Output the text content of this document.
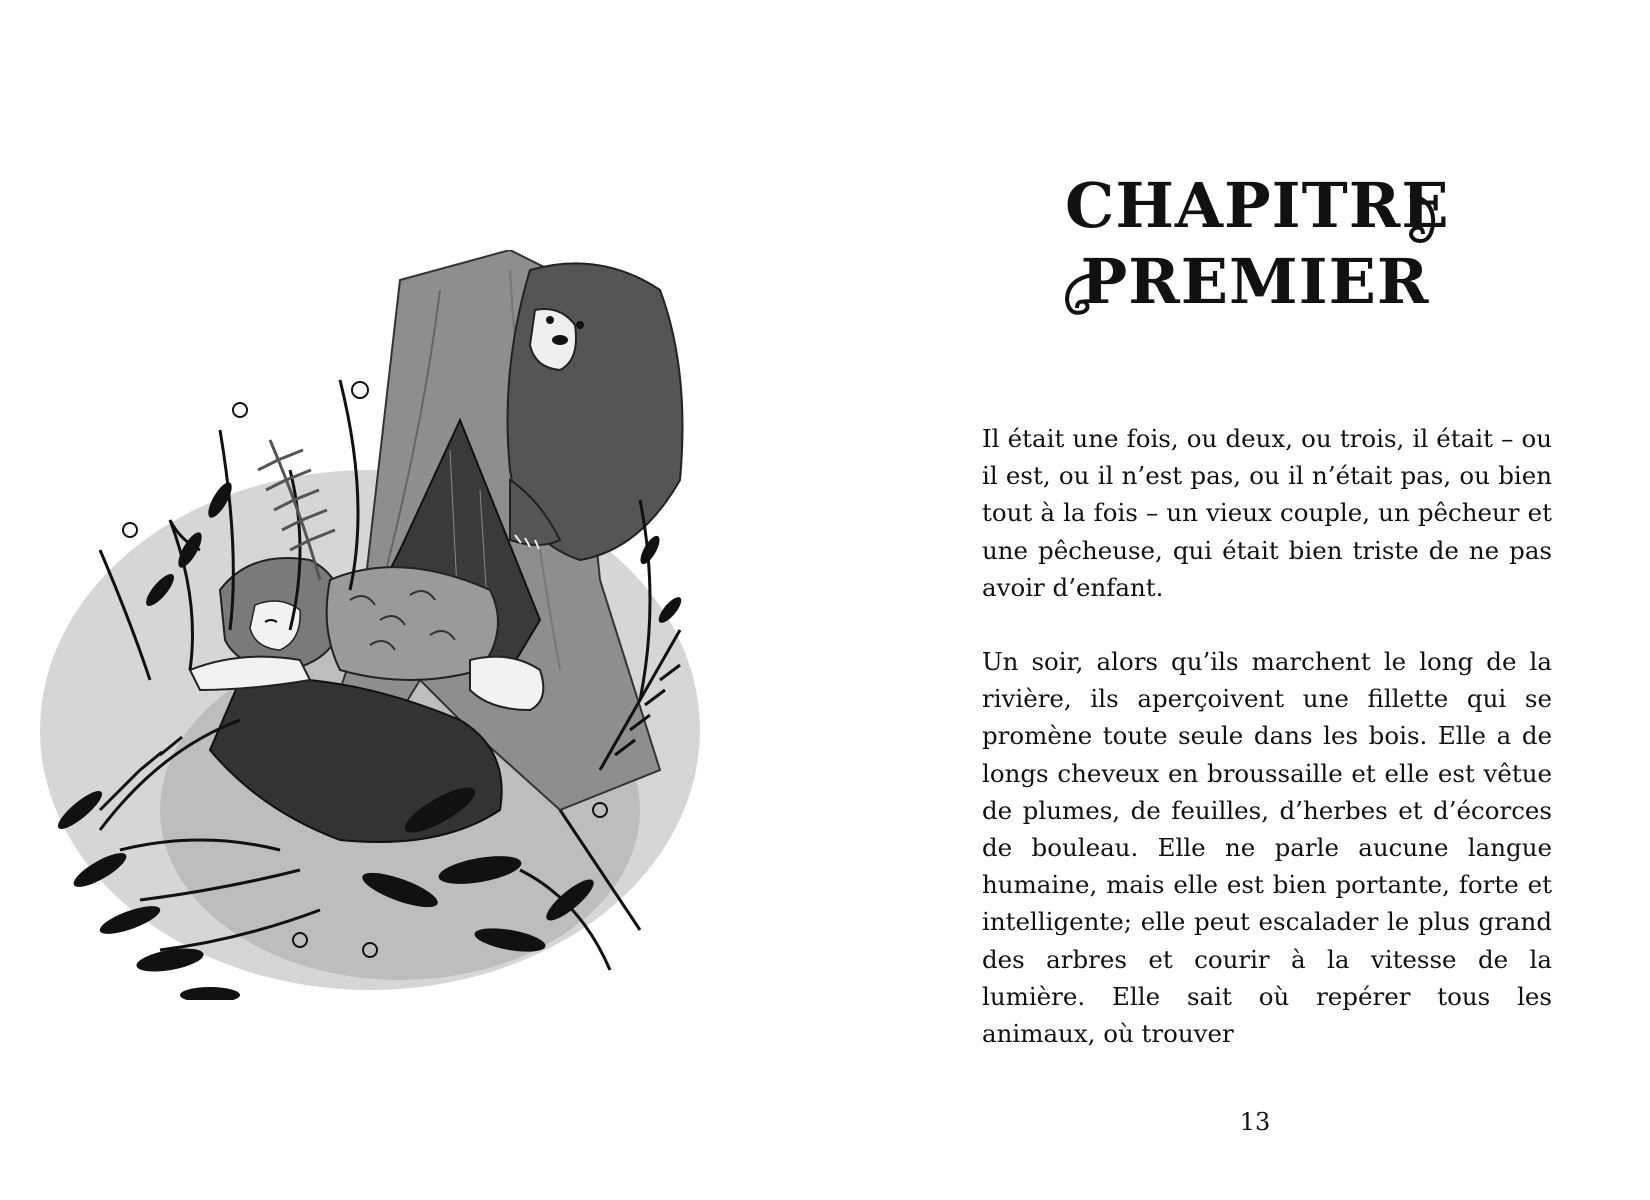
CHAPITRE
PREMIER

Il était une fois, ou deux, ou trois, il était – ou il est, ou il n’est pas, ou il n’était pas, ou bien tout à la fois – un vieux couple, un pêcheur et une pêcheuse, qui était bien triste de ne pas avoir d’enfant.

Un soir, alors qu’ils marchent le long de la rivière, ils aperçoivent une fillette qui se promène toute seule dans les bois. Elle a de longs cheveux en broussaille et elle est vêtue de plumes, de feuilles, d’herbes et d’écorces de bouleau. Elle ne parle aucune langue humaine, mais elle est bien portante, forte et intelligente; elle peut escalader le plus grand des arbres et courir à la vitesse de la lumière. Elle sait où repérer tous les animaux, où trouver

13
